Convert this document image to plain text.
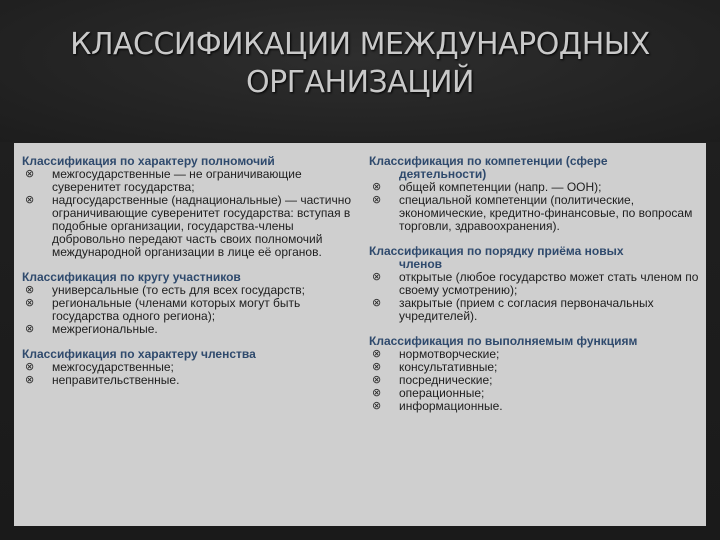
КЛАССИФИКАЦИИ МЕЖДУНАРОДНЫХ
ОРГАНИЗАЦИЙ

Классификация по характеру полномочий

⊗ межгосударственные — не ограничивающие суверенитет государства;
⊗ надгосударственные (наднациональные) — частично ограничивающие суверенитет государства: вступая в подобные организации, государства-члены добровольно передают часть своих полномочий международной организации в лице её органов.

Классификация по кругу участников

⊗ универсальные (то есть для всех государств;
⊗ региональные (членами которых могут быть государства одного региона);
⊗ межрегиональные.

Классификация по характеру членства

⊗ межгосударственные;
⊗ неправительственные.

Классификация по компетенции (сфере
деятельности)

⊗ общей компетенции (напр. — ООН);
⊗ специальной компетенции (политические, экономические, кредитно-финансовые, по вопросам торговли, здравоохранения).

Классификация по порядку приёма новых
членов

⊗ открытые (любое государство может стать членом по своему усмотрению);
⊗ закрытые (прием с согласия первоначальных учредителей).

Классификация по выполняемым функциям

⊗ нормотворческие;
⊗ консультативные;
⊗ посреднические;
⊗ операционные;
⊗ информационные.
